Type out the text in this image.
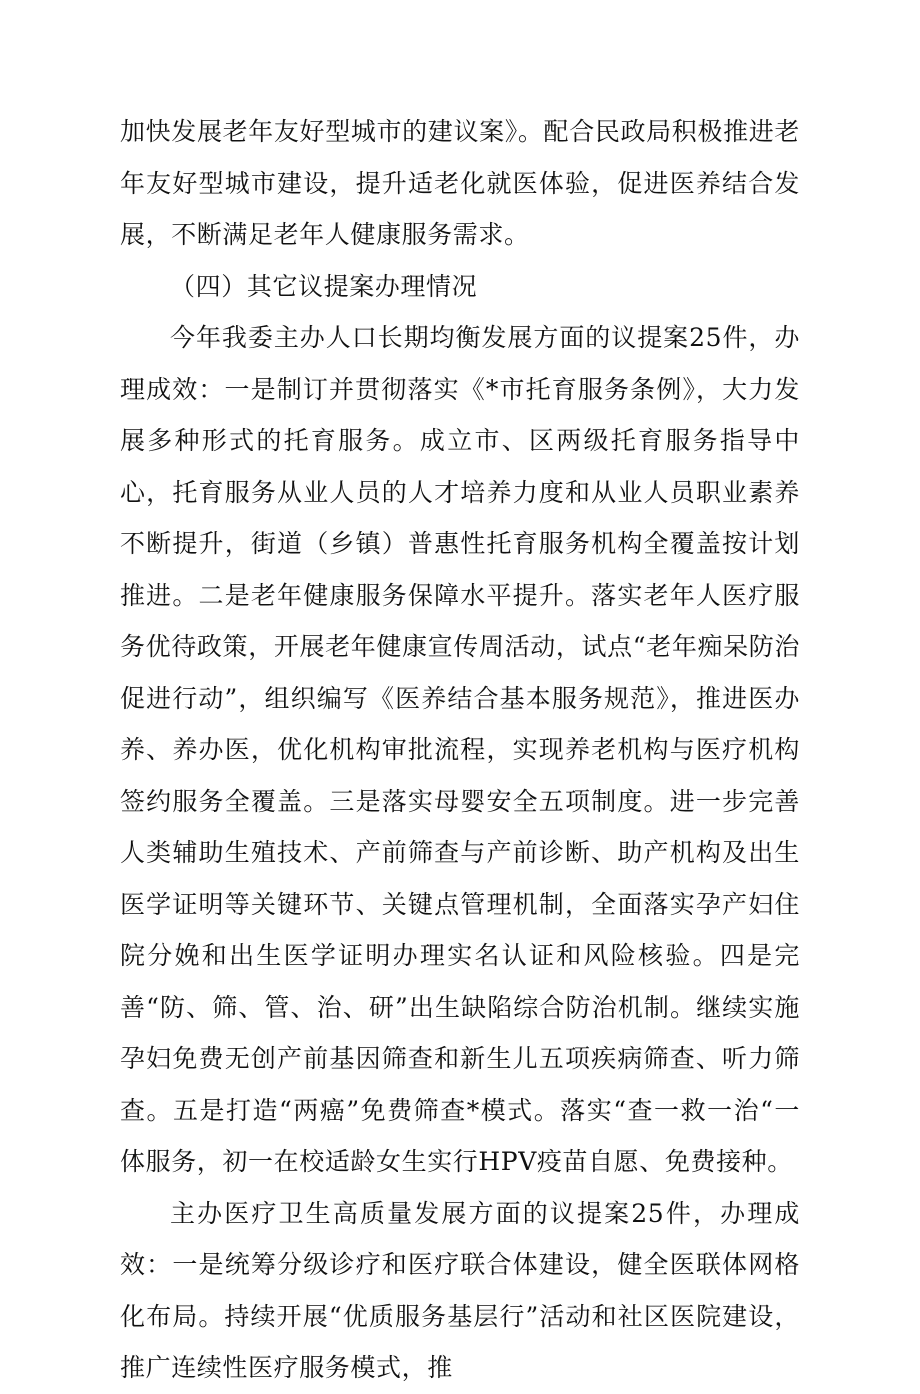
加快发展老年友好型城市的建议案》。配合民政局积极推进老年友好型城市建设，提升适老化就医体验，促进医养结合发展，不断满足老年人健康服务需求。

（四）其它议提案办理情况

今年我委主办人口长期均衡发展方面的议提案25件，办理成效：一是制订并贯彻落实《*市托育服务条例》，大力发展多种形式的托育服务。成立市、区两级托育服务指导中心，托育服务从业人员的人才培养力度和从业人员职业素养不断提升，街道（乡镇）普惠性托育服务机构全覆盖按计划推进。二是老年健康服务保障水平提升。落实老年人医疗服务优待政策，开展老年健康宣传周活动，试点“老年痴呆防治促进行动”，组织编写《医养结合基本服务规范》，推进医办养、养办医，优化机构审批流程，实现养老机构与医疗机构签约服务全覆盖。三是落实母婴安全五项制度。进一步完善人类辅助生殖技术、产前筛查与产前诊断、助产机构及出生医学证明等关键环节、关键点管理机制，全面落实孕产妇住院分娩和出生医学证明办理实名认证和风险核验。四是完善“防、筛、管、治、研”出生缺陷综合防治机制。继续实施孕妇免费无创产前基因筛查和新生儿五项疾病筛查、听力筛查。五是打造“两癌”免费筛查*模式。落实“查一救一治“一体服务，初一在校适龄女生实行HPV疫苗自愿、免费接种。

主办医疗卫生高质量发展方面的议提案25件，办理成效：一是统筹分级诊疗和医疗联合体建设，健全医联体网格化布局。持续开展“优质服务基层行”活动和社区医院建设，推广连续性医疗服务模式，推
